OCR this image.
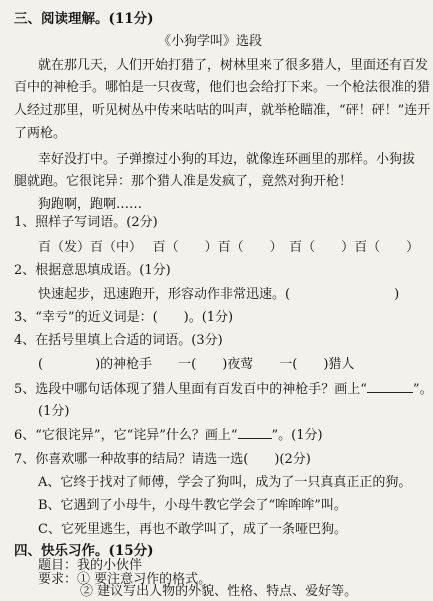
三、阅读理解。(11分)
《小狗学叫》选段
就在那几天，人们开始打猎了，树林里来了很多猎人，里面还有百发
百中的神枪手。哪怕是一只夜莺，他们也会给打下来。一个枪法很准的猎
人经过那里，听见树丛中传来咕咕的叫声，就举枪瞄准，“砰！砰！”连开
了两枪。
幸好没打中。子弹擦过小狗的耳边，就像连环画里的那样。小狗拔
腿就跑。它很诧异：那个猎人准是发疯了，竟然对狗开枪！
狗跑啊，跑啊……
1、照样子写词语。(2分)
百（发）百（中）　 百（　　）百（　　）　百（　　）百（　　）
2、根据意思填成语。(1分)
快速起步，迅速跑开，形容动作非常迅速。(　　　　　　　　)
3、“幸亏”的近义词是：(　　)。(1分)
4、在括号里填上合适的词语。(3分)
(　　　　)的神枪手　　一(　　)夜莺　　一(　　)猎人
5、选段中哪句话体现了猎人里面有百发百中的神枪手？画上“	”。
(1分)
6、“它很诧异”，它“诧异”什么？画上“	”。(1分)
7、你喜欢哪一种故事的结局？请选一选(　　)(2分)
A、它终于找对了师傅，学会了狗叫，成为了一只真真正正的狗。
B、它遇到了小母牛，小母牛教它学会了“哞哞哞”叫。
C、它死里逃生，再也不敢学叫了，成了一条哑巴狗。
四、快乐习作。(15分)
题目：我的小伙伴
要求：① 要注意习作的格式。
② 建议写出人物的外貌、性格、特点、爱好等。
